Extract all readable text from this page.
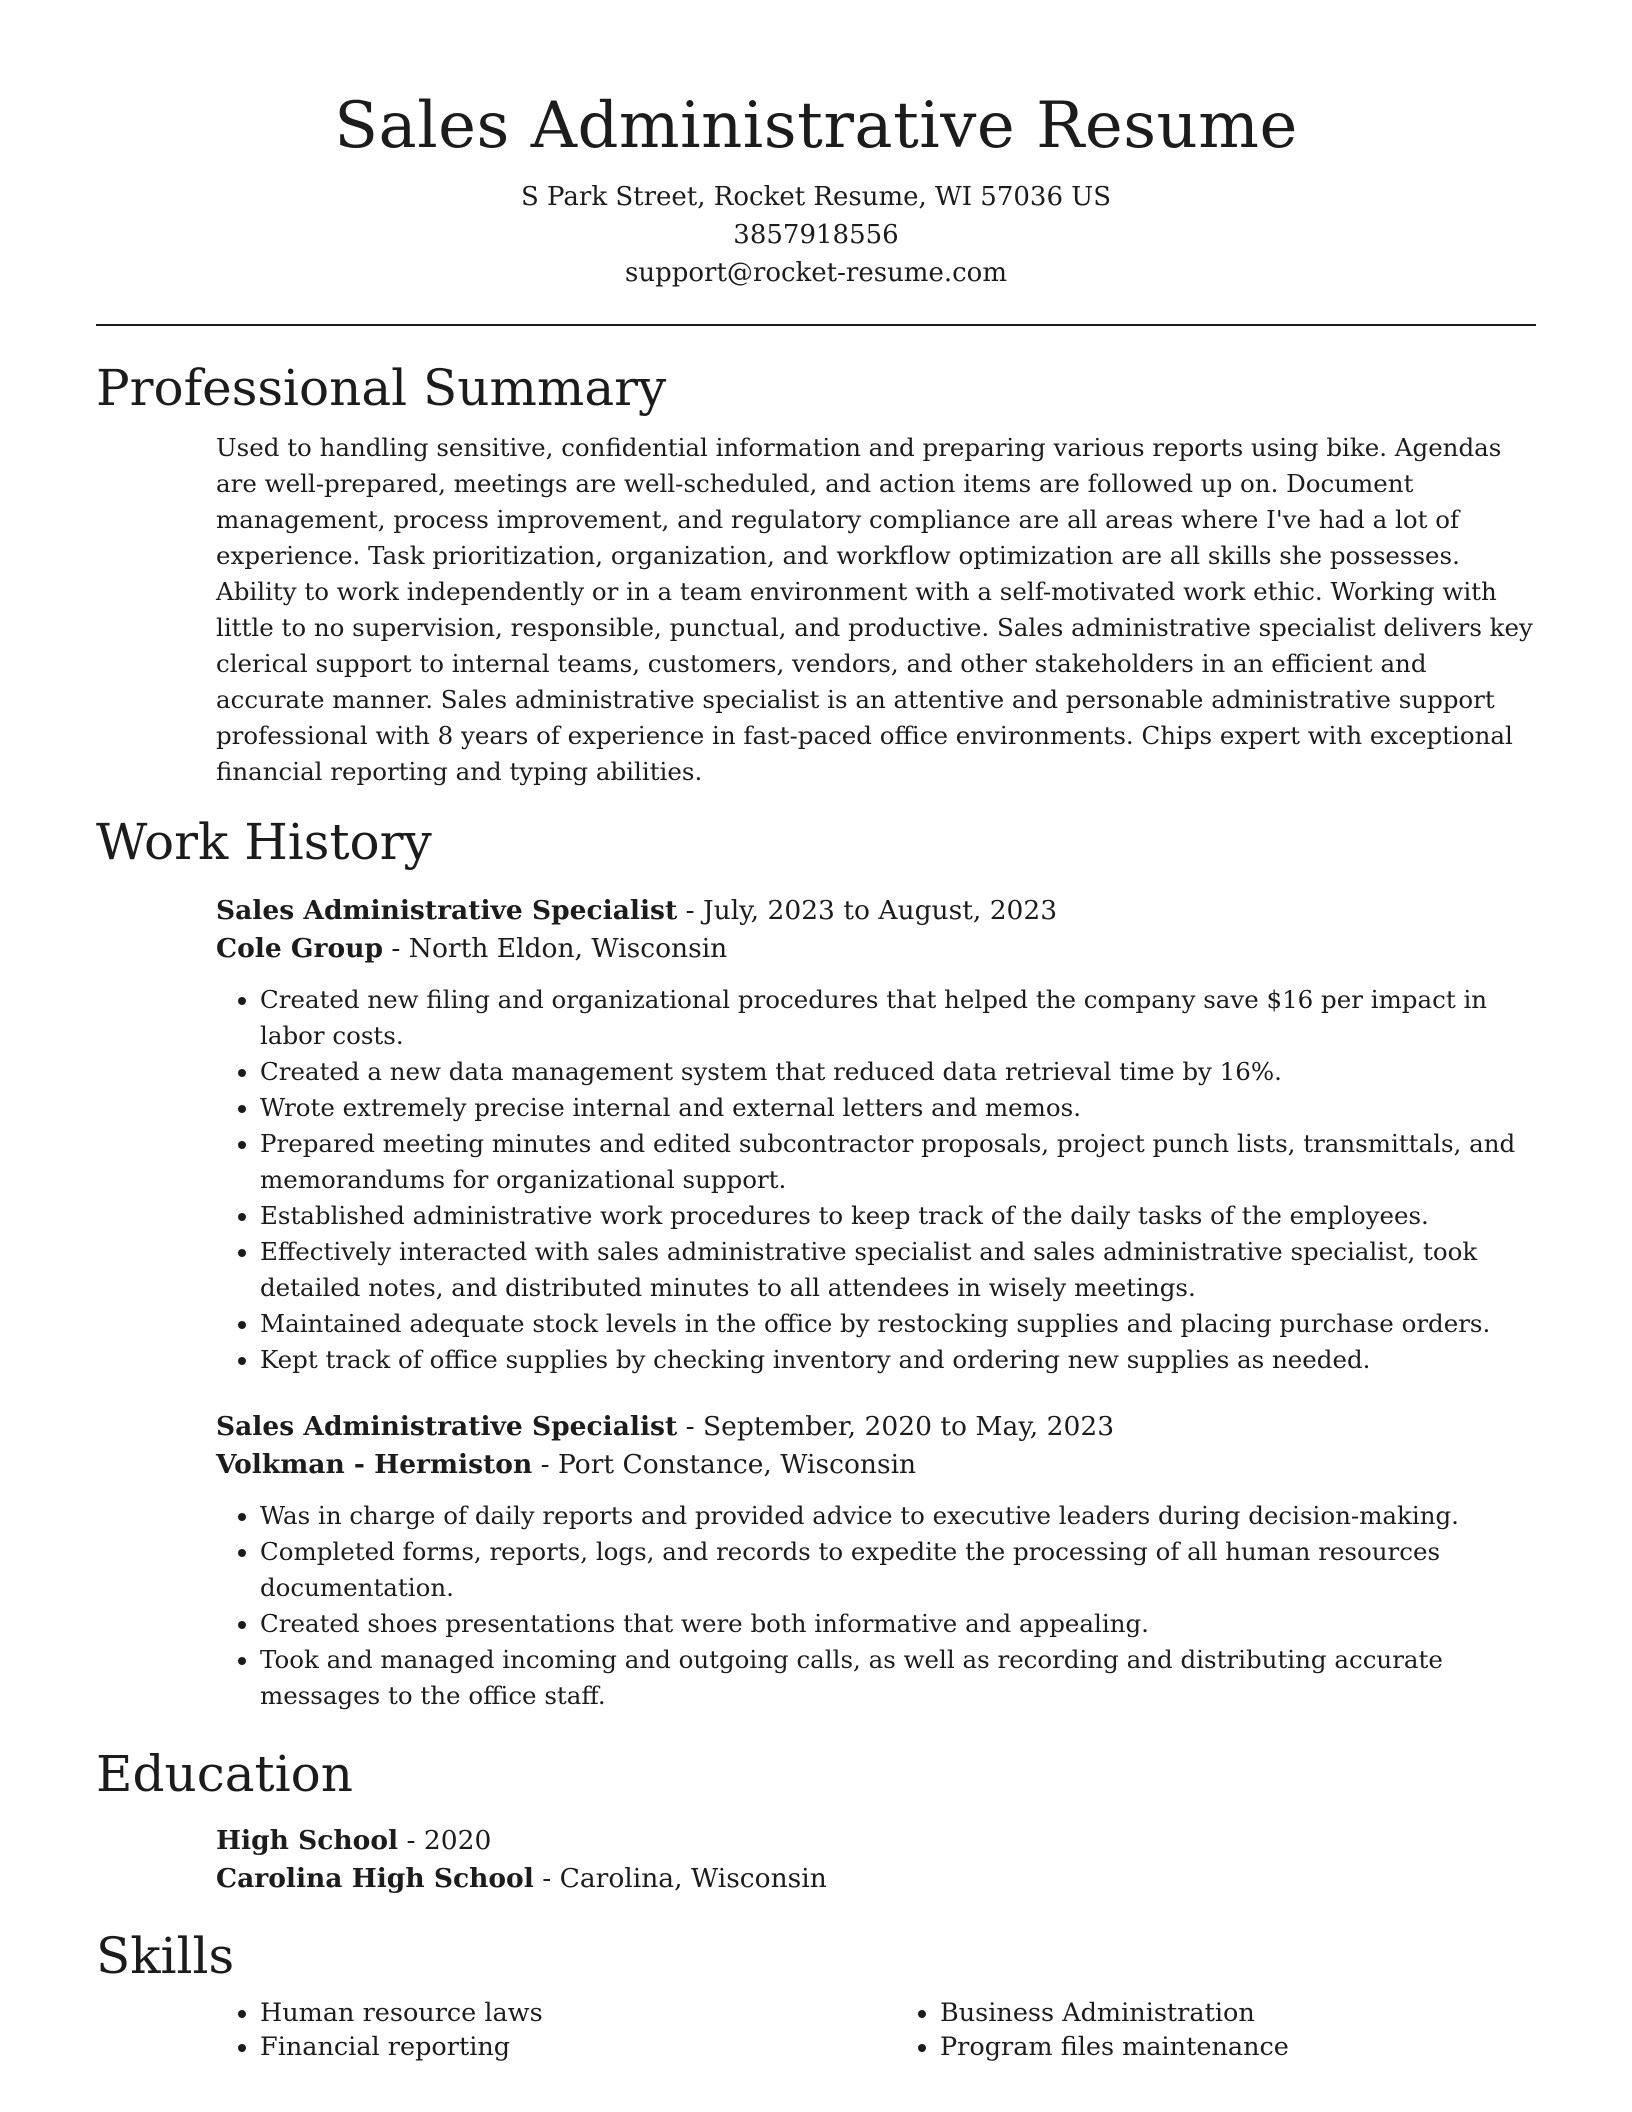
Sales Administrative Resume

S Park Street, Rocket Resume, WI 57036 US

3857918556

support@rocket-resume.com

Professional Summary

Used to handling sensitive, confidential information and preparing various reports using bike. Agendas are well-prepared, meetings are well-scheduled, and action items are followed up on. Document management, process improvement, and regulatory compliance are all areas where I've had a lot of experience. Task prioritization, organization, and workflow optimization are all skills she possesses. Ability to work independently or in a team environment with a self-motivated work ethic. Working with little to no supervision, responsible, punctual, and productive. Sales administrative specialist delivers key clerical support to internal teams, customers, vendors, and other stakeholders in an efficient and accurate manner. Sales administrative specialist is an attentive and personable administrative support professional with 8 years of experience in fast-paced office environments. Chips expert with exceptional financial reporting and typing abilities.

Work History

Sales Administrative Specialist - July, 2023 to August, 2023

Cole Group - North Eldon, Wisconsin

• Created new filing and organizational procedures that helped the company save $16 per impact in labor costs.
• Created a new data management system that reduced data retrieval time by 16%.
• Wrote extremely precise internal and external letters and memos.
• Prepared meeting minutes and edited subcontractor proposals, project punch lists, transmittals, and memorandums for organizational support.
• Established administrative work procedures to keep track of the daily tasks of the employees.
• Effectively interacted with sales administrative specialist and sales administrative specialist, took detailed notes, and distributed minutes to all attendees in wisely meetings.
• Maintained adequate stock levels in the office by restocking supplies and placing purchase orders.
• Kept track of office supplies by checking inventory and ordering new supplies as needed.

Sales Administrative Specialist - September, 2020 to May, 2023

Volkman - Hermiston - Port Constance, Wisconsin

• Was in charge of daily reports and provided advice to executive leaders during decision-making.
• Completed forms, reports, logs, and records to expedite the processing of all human resources documentation.
• Created shoes presentations that were both informative and appealing.
• Took and managed incoming and outgoing calls, as well as recording and distributing accurate messages to the office staff.
Education

High School - 2020

Carolina High School - Carolina, Wisconsin

Skills
• Human resource laws
• Financial reporting
• Business Administration
• Program files maintenance
